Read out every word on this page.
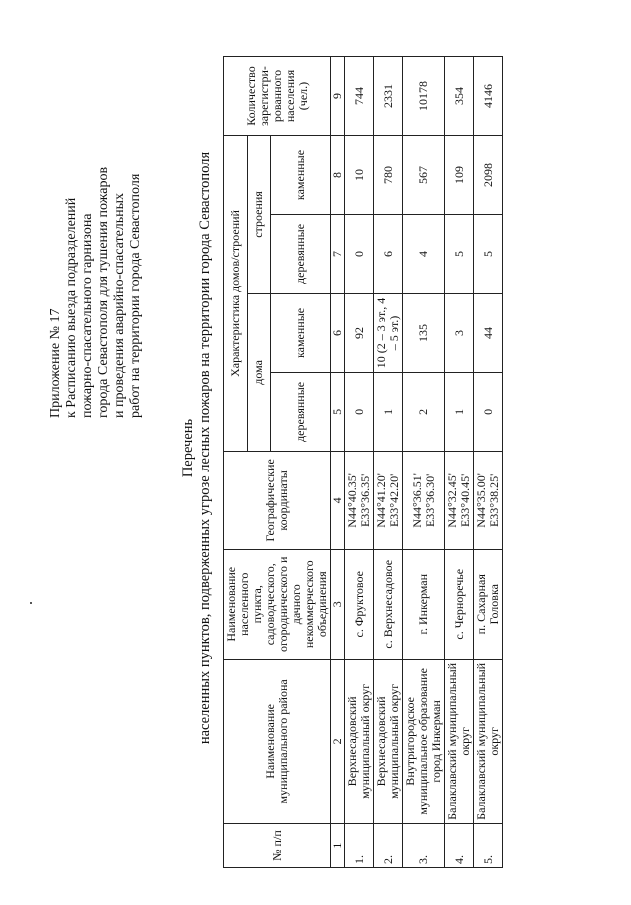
Приложение № 17 к Расписанию выезда подразделений пожарно-спасательного гарнизона города Севастополя для тушения пожаров и проведения аварийно-спасательных работ на территории города Севастополя
Перечень населенных пунктов, подверженных угрозе лесных пожаров на территории города Севастополя
№ п/п	Наименование муниципального района	Наименование населенного пункта, садоводческого, огороднического и дачного некоммерческого объединения	Географические координаты	Характеристика домов/строений				Количество зарегистри-рованного населения (чел.)
				дома		строения		
				деревянные	каменные	деревянные	каменные	
1	2	3	4	5	6	7	8	9
1.	Верхнесадовский муниципальный округ	с. Фруктовое	N44°40.35' E33°36.35'	0	92	0	10	744
2.	Верхнесадовский муниципальный округ	с. Верхнесадовое	N44°41.20' E33°42.20'	1	10 (2 – 3 эт., 4 – 5 эт.)	6	780	2331
3.	Внутригородское муниципальное образование город Инкерман	г. Инкерман	N44°36.51' E33°36.30'	2	135	4	567	10178
4.	Балаклавский муниципальный округ	с. Черноречье	N44°32.45' E33°40.45'	1	3	5	109	354
5.	Балаклавский муниципальный округ	п. Сахарная Головка	N44°35.00' E33°38.25'	0	44	5	2098	4146
